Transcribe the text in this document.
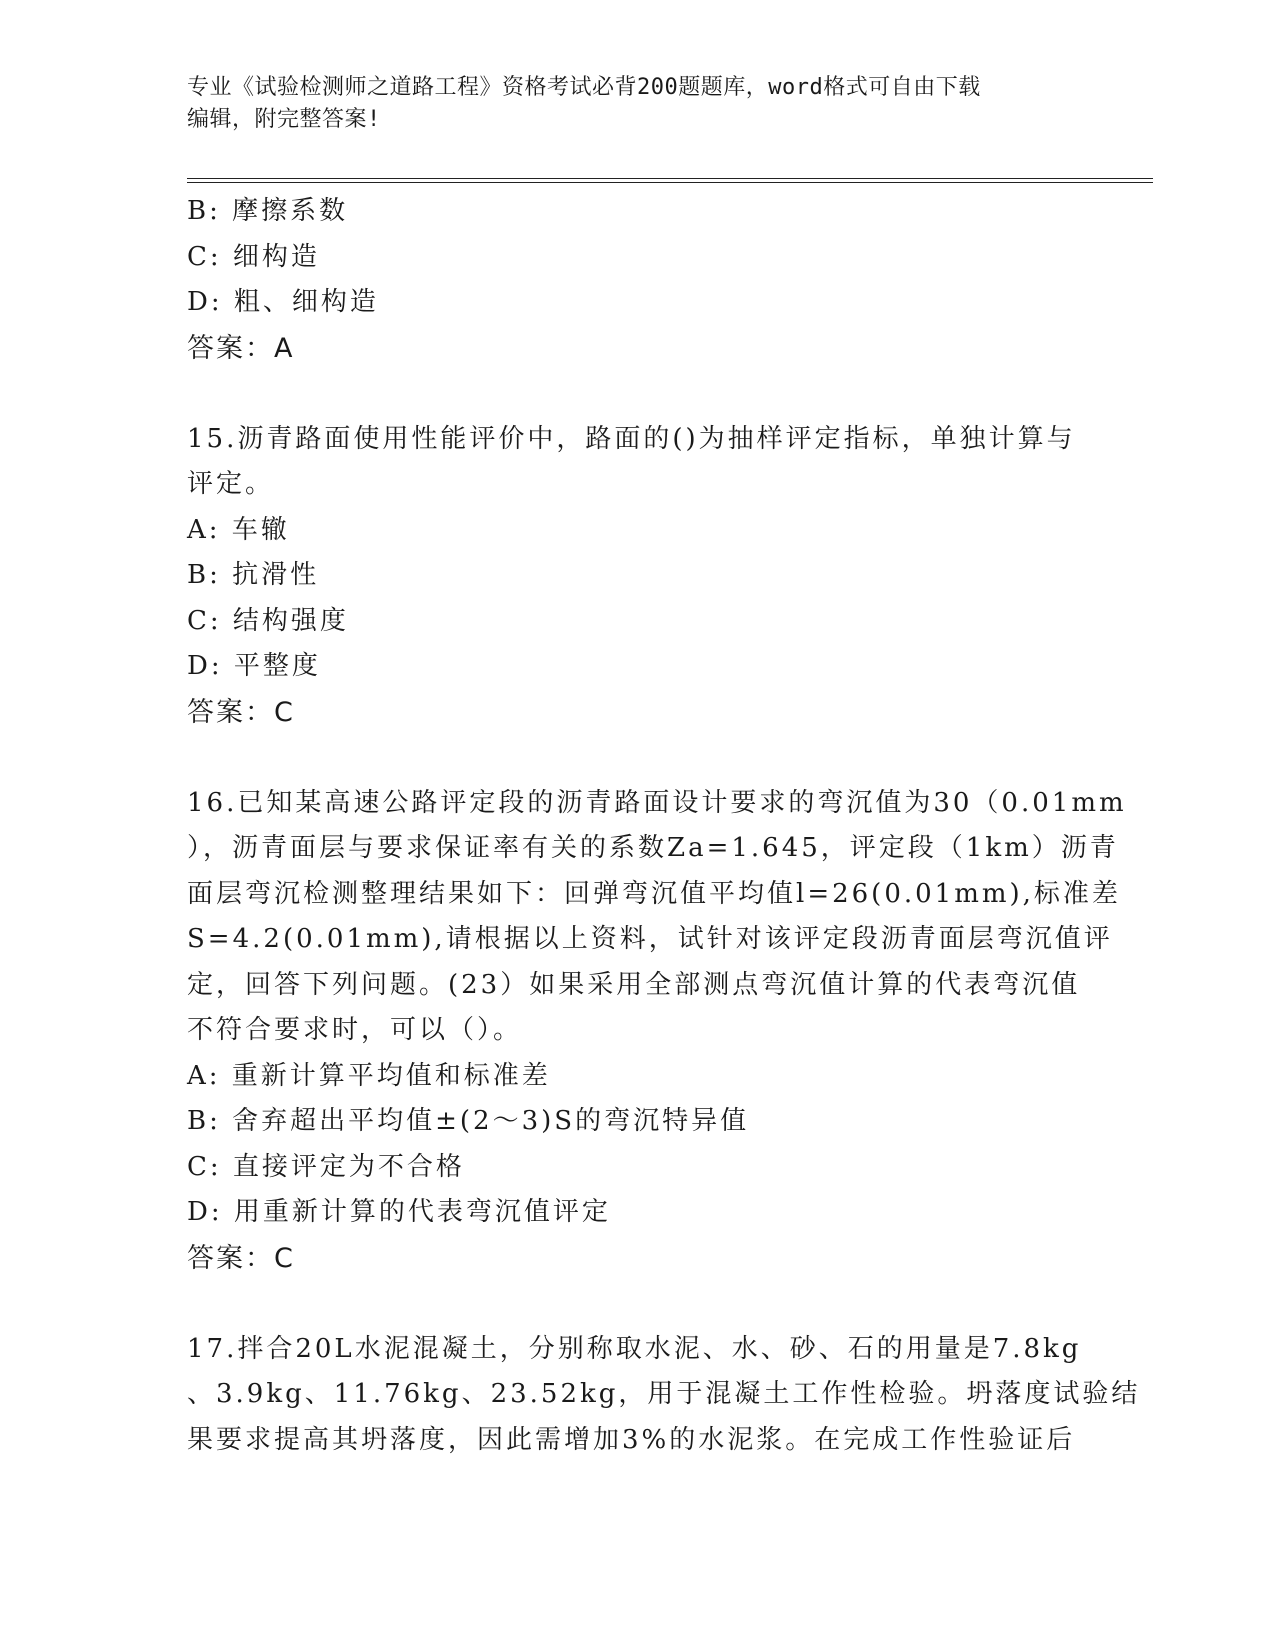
专业《试验检测师之道路工程》资格考试必背200题题库，word格式可自由下载
编辑，附完整答案!
B: 摩擦系数
C: 细构造
D: 粗、细构造
答案：A
15.沥青路面使用性能评价中，路面的()为抽样评定指标，单独计算与
评定。
A: 车辙
B: 抗滑性
C: 结构强度
D: 平整度
答案：C
16.已知某高速公路评定段的沥青路面设计要求的弯沉值为30（0.01mm
），沥青面层与要求保证率有关的系数Za=1.645，评定段（1km）沥青
面层弯沉检测整理结果如下：回弹弯沉值平均值l=26(0.01mm),标准差
S=4.2(0.01mm),请根据以上资料，试针对该评定段沥青面层弯沉值评
定，回答下列问题。(23）如果采用全部测点弯沉值计算的代表弯沉值
不符合要求时，可以（）。
A: 重新计算平均值和标准差
B: 舍弃超出平均值±(2～3)S的弯沉特异值
C: 直接评定为不合格
D: 用重新计算的代表弯沉值评定
答案：C
17.拌合20L水泥混凝土，分别称取水泥、水、砂、石的用量是7.8kg
、3.9kg、11.76kg、23.52kg，用于混凝土工作性检验。坍落度试验结
果要求提高其坍落度，因此需增加3%的水泥浆。在完成工作性验证后
